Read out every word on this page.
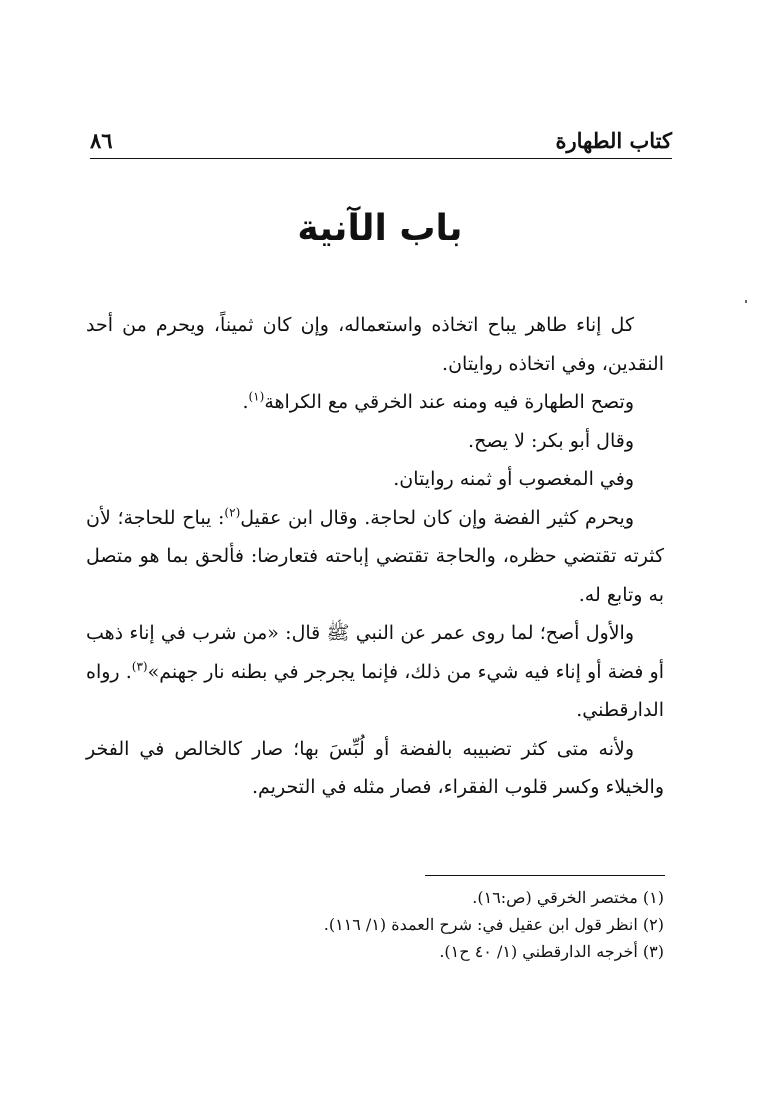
كتاب الطهارة
٨٦
باب الآنية

كل إناء طاهر يباح اتخاذه واستعماله، وإن كان ثميناً، ويحرم من أحد النقدين، وفي اتخاذه روايتان.

وتصح الطهارة فيه ومنه عند الخرقي مع الكراهة$^{(١)}$.

وقال أبو بكر: لا يصح.

وفي المغصوب أو ثمنه روايتان.

ويحرم كثير الفضة وإن كان لحاجة. وقال ابن عقيل$^{(٢)}$: يباح للحاجة؛ لأن كثرته تقتضي حظره، والحاجة تقتضي إباحته فتعارضا: فألحق بما هو متصل به وتابع له.

والأول أصح؛ لما روى عمر عن النبي ﷺ قال: «من شرب في إناء ذهب أو فضة أو إناء فيه شيء من ذلك، فإنما يجرجر في بطنه نار جهنم»$^{(٣)}$. رواه الدارقطني.

ولأنه متى كثر تضبيبه بالفضة أو لُبِّسَ بها؛ صار كالخالص في الفخر والخيلاء وكسر قلوب الفقراء، فصار مثله في التحريم.

(١) مختصر الخرقي (ص:١٦).
(٢) انظر قول ابن عقيل في: شرح العمدة (١/ ١١٦).
(٣) أخرجه الدارقطني (١/ ٤٠ ح١).
